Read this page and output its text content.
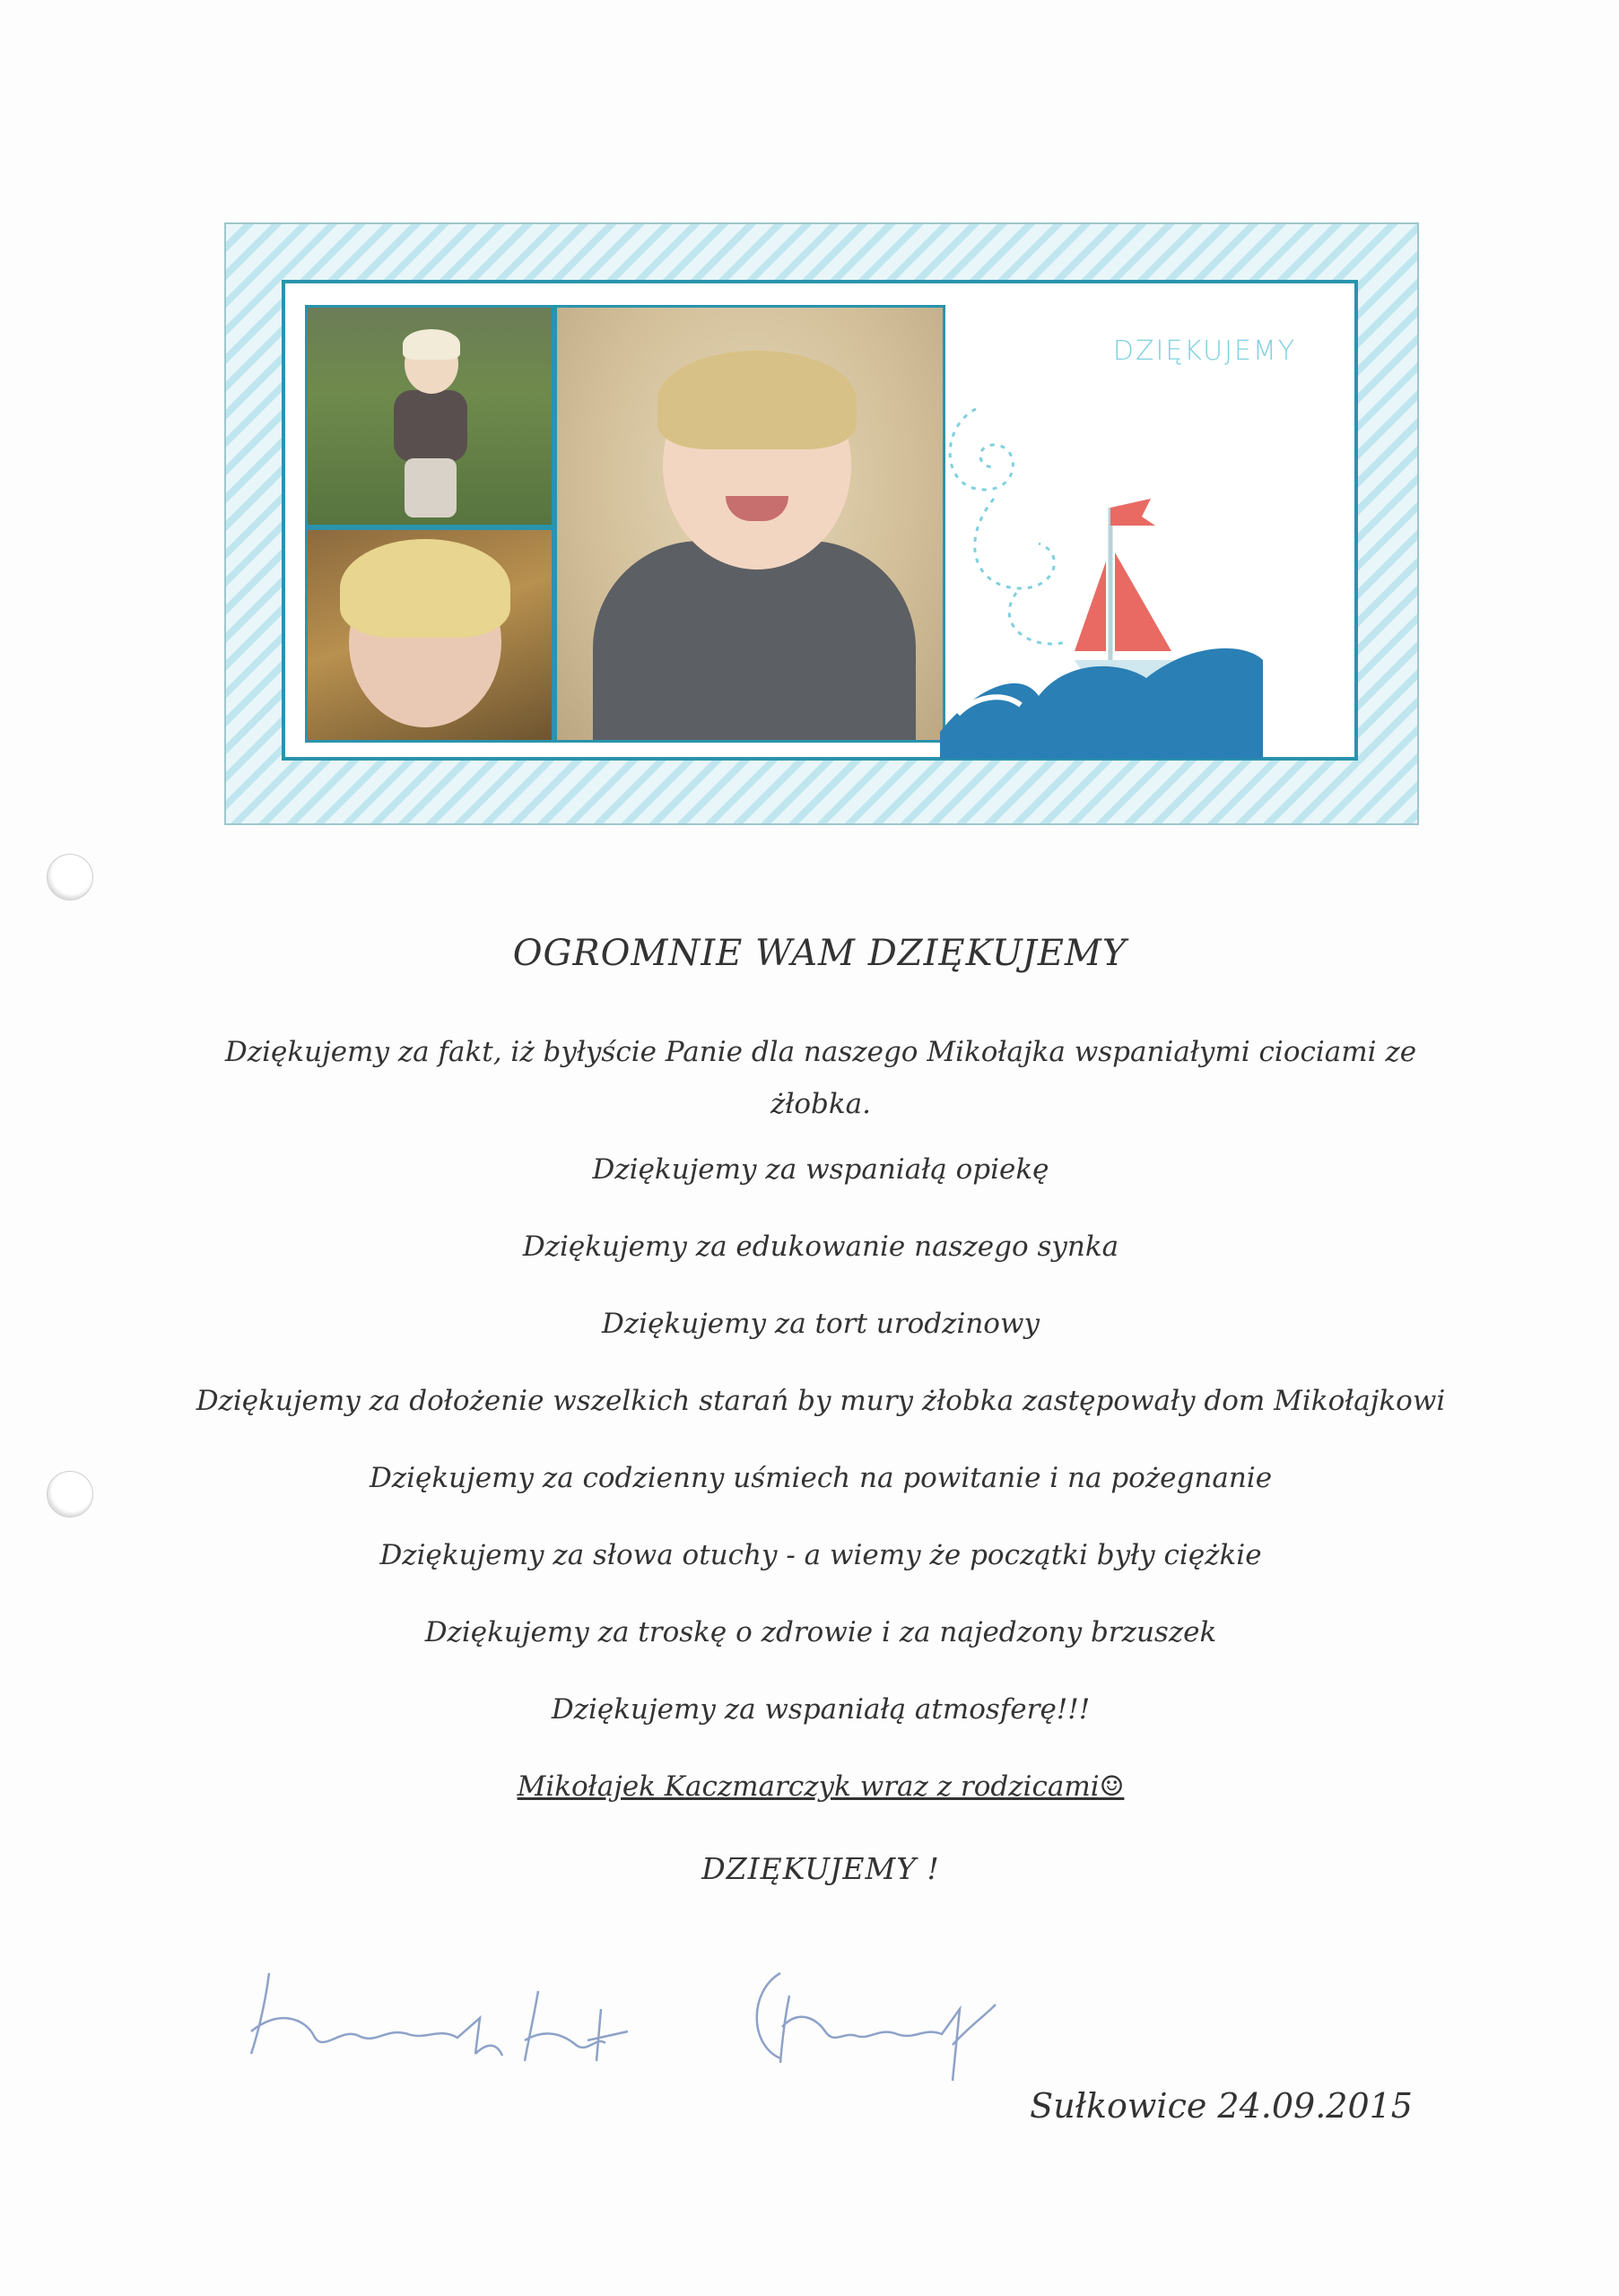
DZIĘKUJEMY
OGROMNIE WAM DZIĘKUJEMY
Dziękujemy za fakt, iż byłyście Panie dla naszego Mikołajka wspaniałymi ciociami ze żłobka.
Dziękujemy za wspaniałą opiekę
Dziękujemy za edukowanie naszego synka
Dziękujemy za tort urodzinowy
Dziękujemy za dołożenie wszelkich starań by mury żłobka zastępowały dom Mikołajkowi
Dziękujemy za codzienny uśmiech na powitanie i na pożegnanie
Dziękujemy za słowa otuchy - a wiemy że początki były ciężkie
Dziękujemy za troskę o zdrowie i za najedzony brzuszek
Dziękujemy za wspaniałą atmosferę!!!
Mikołajek Kaczmarczyk wraz z rodzicami☺
DZIĘKUJEMY !
Sułkowice 24.09.2015
